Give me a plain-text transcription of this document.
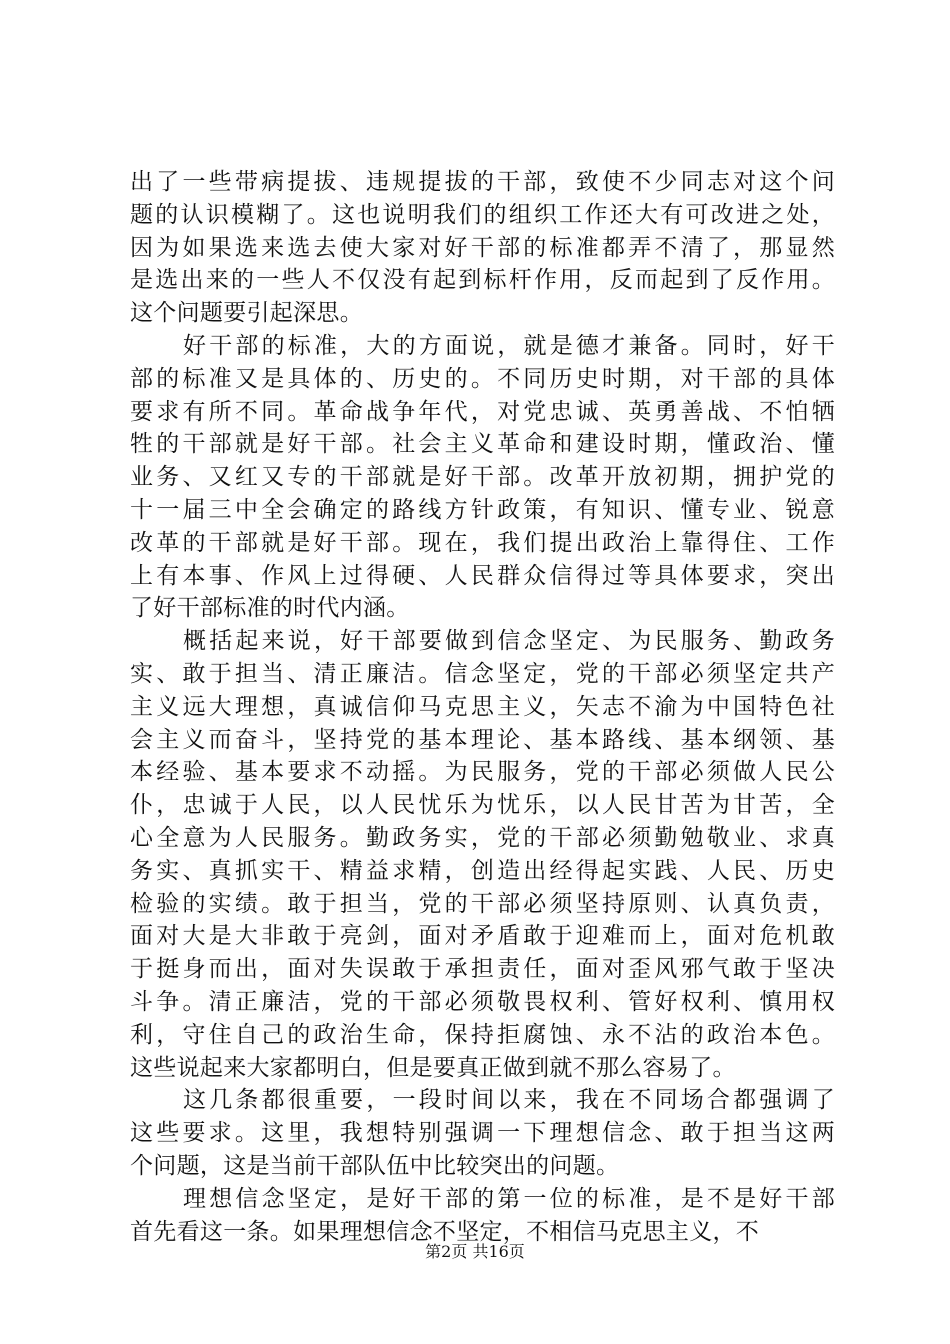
出了一些带病提拔、违规提拔的干部，致使不少同志对这个问
题的认识模糊了。这也说明我们的组织工作还大有可改进之处，
因为如果选来选去使大家对好干部的标准都弄不清了，那显然
是选出来的一些人不仅没有起到标杆作用，反而起到了反作用。
这个问题要引起深思。
好干部的标准，大的方面说，就是德才兼备。同时，好干
部的标准又是具体的、历史的。不同历史时期，对干部的具体
要求有所不同。革命战争年代，对党忠诚、英勇善战、不怕牺
牲的干部就是好干部。社会主义革命和建设时期，懂政治、懂
业务、又红又专的干部就是好干部。改革开放初期，拥护党的
十一届三中全会确定的路线方针政策，有知识、懂专业、锐意
改革的干部就是好干部。现在，我们提出政治上靠得住、工作
上有本事、作风上过得硬、人民群众信得过等具体要求，突出
了好干部标准的时代内涵。
概括起来说，好干部要做到信念坚定、为民服务、勤政务
实、敢于担当、清正廉洁。信念坚定，党的干部必须坚定共产
主义远大理想，真诚信仰马克思主义，矢志不渝为中国特色社
会主义而奋斗，坚持党的基本理论、基本路线、基本纲领、基
本经验、基本要求不动摇。为民服务，党的干部必须做人民公
仆，忠诚于人民，以人民忧乐为忧乐，以人民甘苦为甘苦，全
心全意为人民服务。勤政务实，党的干部必须勤勉敬业、求真
务实、真抓实干、精益求精，创造出经得起实践、人民、历史
检验的实绩。敢于担当，党的干部必须坚持原则、认真负责，
面对大是大非敢于亮剑，面对矛盾敢于迎难而上，面对危机敢
于挺身而出，面对失误敢于承担责任，面对歪风邪气敢于坚决
斗争。清正廉洁，党的干部必须敬畏权利、管好权利、慎用权
利，守住自己的政治生命，保持拒腐蚀、永不沾的政治本色。
这些说起来大家都明白，但是要真正做到就不那么容易了。
这几条都很重要，一段时间以来，我在不同场合都强调了
这些要求。这里，我想特别强调一下理想信念、敢于担当这两
个问题，这是当前干部队伍中比较突出的问题。
理想信念坚定，是好干部的第一位的标准，是不是好干部
首先看这一条。如果理想信念不坚定，不相信马克思主义，不
第2页 共16页
